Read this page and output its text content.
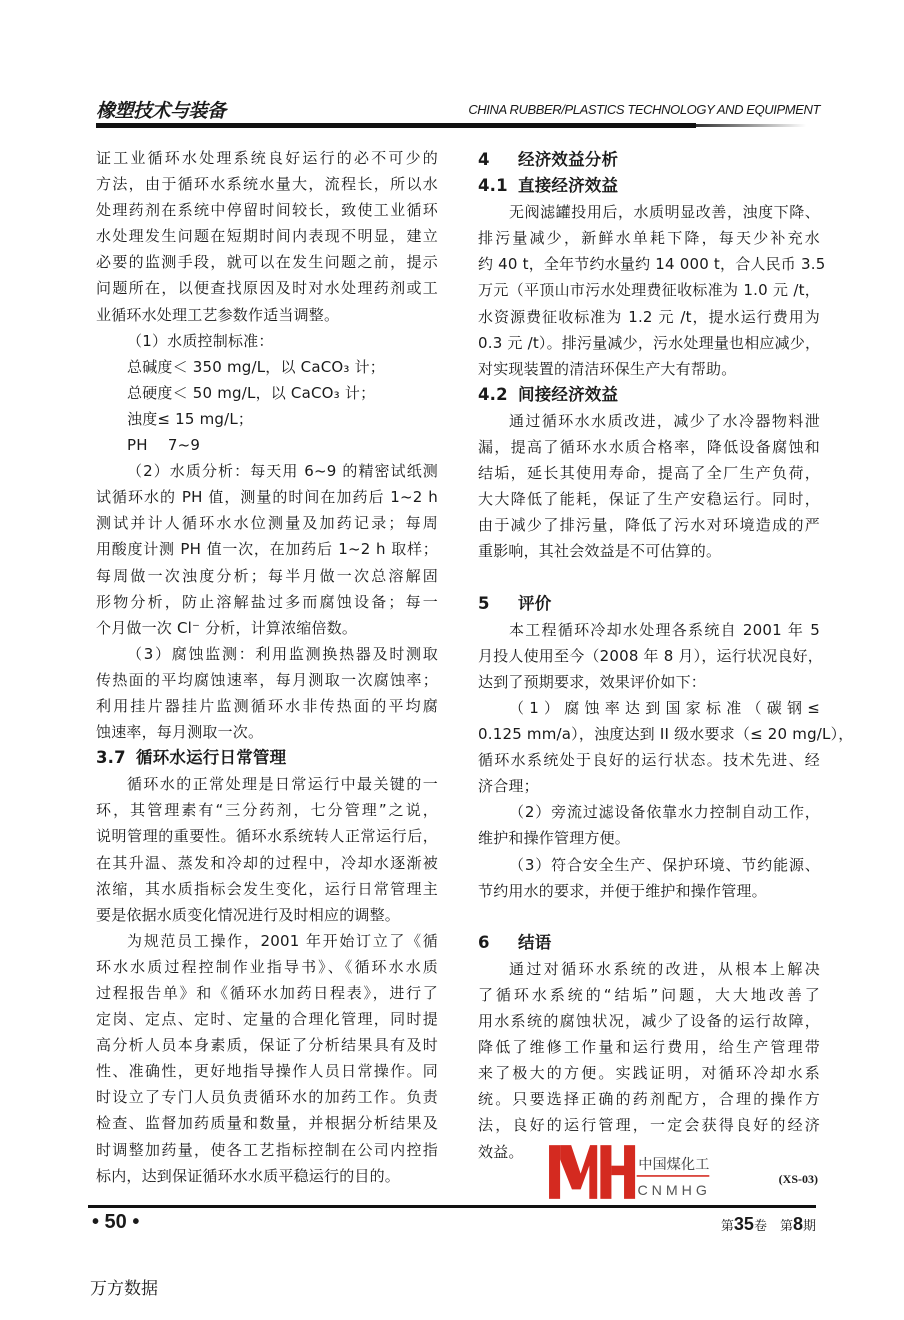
橡塑技术与装备	CHINA RUBBER/PLASTICS TECHNOLOGY AND EQUIPMENT
证工业循环水处理系统良好运行的必不可少的
方法，由于循环水系统水量大，流程长，所以水
处理药剂在系统中停留时间较长，致使工业循环
水处理发生问题在短期时间内表现不明显，建立
必要的监测手段，就可以在发生问题之前，提示
问题所在，以便查找原因及时对水处理药剂或工
业循环水处理工艺参数作适当调整。
（1）水质控制标准：
总碱度＜ 350 mg/L，以 CaCO₃ 计；
总硬度＜ 50 mg/L，以 CaCO₃ 计；
浊度≤ 15 mg/L；
PH　 7~9
（2）水质分析：每天用 6~9 的精密试纸测
试循环水的 PH 值，测量的时间在加药后 1~2 h
测试并计人循环水水位测量及加药记录；每周
用酸度计测 PH 值一次，在加药后 1~2 h 取样；
每周做一次浊度分析；每半月做一次总溶解固
形物分析，防止溶解盐过多而腐蚀设备；每一
个月做一次 Cl⁻ 分析，计算浓缩倍数。
（3）腐蚀监测：利用监测换热器及时测取
传热面的平均腐蚀速率，每月测取一次腐蚀率；
利用挂片器挂片监测循环水非传热面的平均腐
蚀速率，每月测取一次。
3.7 循环水运行日常管理
循环水的正常处理是日常运行中最关键的一
环，其管理素有“三分药剂，七分管理”之说，
说明管理的重要性。循环水系统转人正常运行后，
在其升温、蒸发和冷却的过程中，冷却水逐渐被
浓缩，其水质指标会发生变化，运行日常管理主
要是依据水质变化情况进行及时相应的调整。
为规范员工操作，2001 年开始订立了《循
环水水质过程控制作业指导书》、《循环水水质
过程报告单》和《循环水加药日程表》，进行了
定岗、定点、定时、定量的合理化管理，同时提
高分析人员本身素质，保证了分析结果具有及时
性、准确性，更好地指导操作人员日常操作。同
时设立了专门人员负责循环水的加药工作。负责
检查、监督加药质量和数量，并根据分析结果及
时调整加药量，使各工艺指标控制在公司内控指
标内，达到保证循环水水质平稳运行的目的。
4 经济效益分析
4.1 直接经济效益
无阀滤罐投用后，水质明显改善，浊度下降、
排污量减少，新鲜水单耗下降，每天少补充水
约 40 t，全年节约水量约 14 000 t，合人民币 3.5
万元（平顶山市污水处理费征收标准为 1.0 元 /t，
水资源费征收标准为 1.2 元 /t，提水运行费用为
0.3 元 /t）。排污量减少，污水处理量也相应减少，
对实现装置的清洁环保生产大有帮助。
4.2 间接经济效益
通过循环水水质改进，减少了水冷器物料泄
漏，提高了循环水水质合格率，降低设备腐蚀和
结垢，延长其使用寿命，提高了全厂生产负荷，
大大降低了能耗，保证了生产安稳运行。同时，
由于减少了排污量，降低了污水对环境造成的严
重影响，其社会效益是不可估算的。
5 评价
本工程循环冷却水处理各系统自 2001 年 5
月投人使用至今（2008 年 8 月），运行状况良好，
达到了预期要求，效果评价如下：
（1）腐蚀率达到国家标准（碳钢≤
0.125 mm/a），浊度达到 II 级水要求（≤ 20 mg/L），
循环水系统处于良好的运行状态。技术先进、经
济合理；
（2）旁流过滤设备依靠水力控制自动工作，
维护和操作管理方便。
（3）符合安全生产、保护环境、节约能源、
节约用水的要求，并便于维护和操作管理。
6 结语
通过对循环水系统的改进，从根本上解决
了循环水系统的“结垢”问题，大大地改善了
用水系统的腐蚀状况，减少了设备的运行故障，
降低了维修工作量和运行费用，给生产管理带
来了极大的方便。实践证明，对循环冷却水系
统。只要选择正确的药剂配方，合理的操作方
法，良好的运行管理，一定会获得良好的经济
效益。
(XS-03)
中国煤化工
CNMHG
• 50 •	第35卷　第8期
万方数据
